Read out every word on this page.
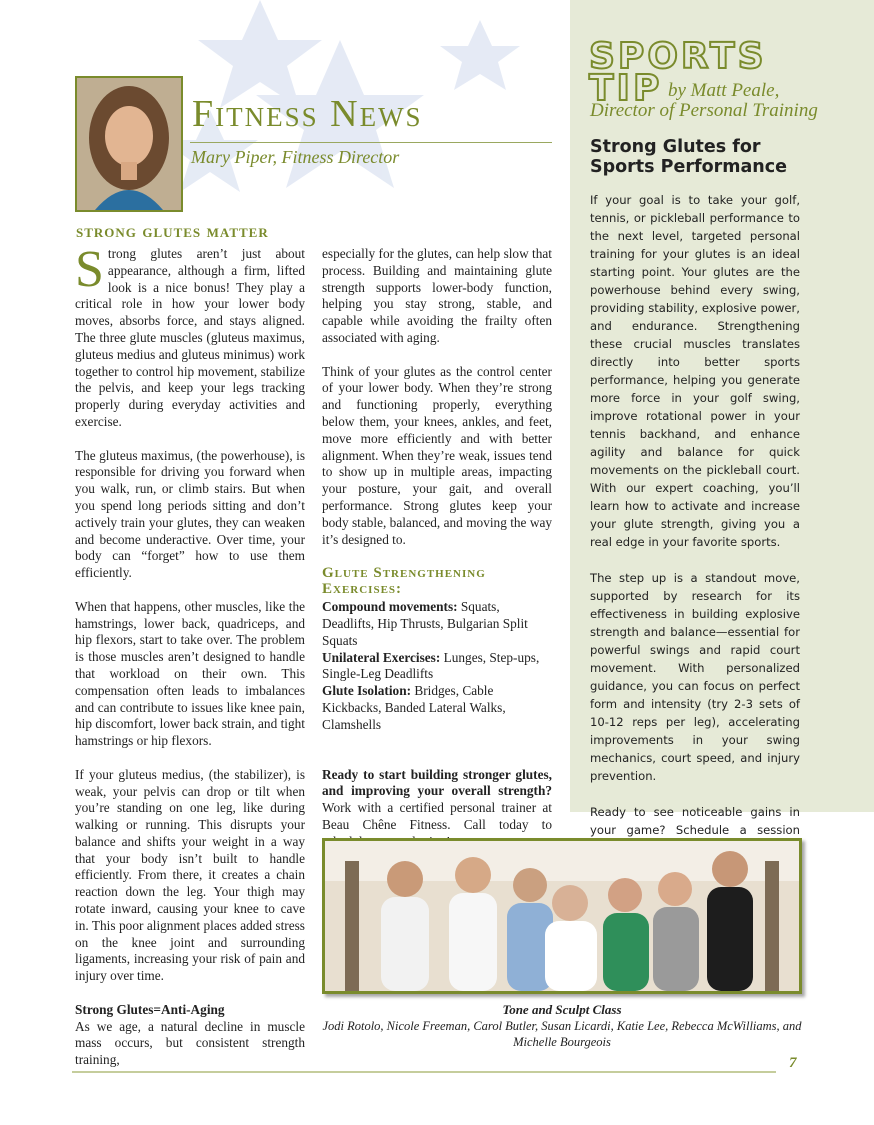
Fitness News
Mary Piper, Fitness Director
strong glutes matter

Strong glutes aren’t just about appearance, although a firm, lifted look is a nice bonus! They play a critical role in how your lower body moves, absorbs force, and stays aligned. The three glute muscles (gluteus maximus, gluteus medius and gluteus minimus) work together to control hip movement, stabilize the pelvis, and keep your legs tracking properly during everyday activities and exercise.

The gluteus maximus, (the powerhouse), is responsible for driving you forward when you walk, run, or climb stairs. But when you spend long periods sitting and don’t actively train your glutes, they can weaken and become underactive. Over time, your body can “forget” how to use them efficiently.

When that happens, other muscles, like the hamstrings, lower back, quadriceps, and hip flexors, start to take over. The problem is those muscles aren’t designed to handle that workload on their own. This compensation often leads to imbalances and can contribute to issues like knee pain, hip discomfort, lower back strain, and tight hamstrings or hip flexors.

If your gluteus medius, (the stabilizer), is weak, your pelvis can drop or tilt when you’re standing on one leg, like during walking or running. This disrupts your balance and shifts your weight in a way that your body isn’t built to handle efficiently. From there, it creates a chain reaction down the leg. Your thigh may rotate inward, causing your knee to cave in. This poor alignment places added stress on the knee joint and surrounding ligaments, increasing your risk of pain and injury over time.

Strong Glutes=Anti-Aging

As we age, a natural decline in muscle mass occurs, but consistent strength training,

especially for the glutes, can help slow that process. Building and maintaining glute strength supports lower-body function, helping you stay strong, stable, and capable while avoiding the frailty often associated with aging.

Think of your glutes as the control center of your lower body. When they’re strong and functioning properly, everything below them, your knees, ankles, and feet, move more efficiently and with better alignment. When they’re weak, issues tend to show up in multiple areas, impacting your posture, your gait, and overall performance. Strong glutes keep your body stable, balanced, and moving the way it’s designed to.

Glute Strengthening Exercises:

Compound movements: Squats, Deadlifts, Hip Thrusts, Bulgarian Split Squats

Unilateral Exercises: Lunges, Step-ups, Single-Leg Deadlifts

Glute Isolation: Bridges, Cable Kickbacks, Banded Lateral Walks, Clamshells

Ready to start building stronger glutes, and improving your overall strength? Work with a certified personal trainer at Beau Chêne Fitness. Call today to

SPORTS
TIP by Matt Peale,
Director of Personal Training
Strong Glutes for Sports Performance

If your goal is to take your golf, tennis, or pickleball performance to the next level, targeted personal training for your glutes is an ideal starting point. Your glutes are the powerhouse behind every swing, providing stability, explosive power, and endurance. Strengthening these crucial muscles translates directly into better sports performance, helping you generate more force in your golf swing, improve rotational power in your tennis backhand, and enhance agility and balance for quick movements on the pickleball court. With our expert coaching, you’ll learn how to activate and increase your glute strength, giving you a real edge in your favorite sports.

The step up is a standout move, supported by research for its effectiveness in building explosive strength and balance—essential for powerful swings and rapid court movement. With personalized guidance, you can focus on perfect form and intensity (try 2-3 sets of 10-12 reps per leg), accelerating improvements in your swing mechanics, court speed, and injury prevention.

Ready to see noticeable gains in your game? Schedule a session

Tone and Sculpt Class
Jodi Rotolo, Nicole Freeman, Carol Butler, Susan Licardi, Katie Lee, Rebecca McWilliams, and Michelle Bourgeois
7
